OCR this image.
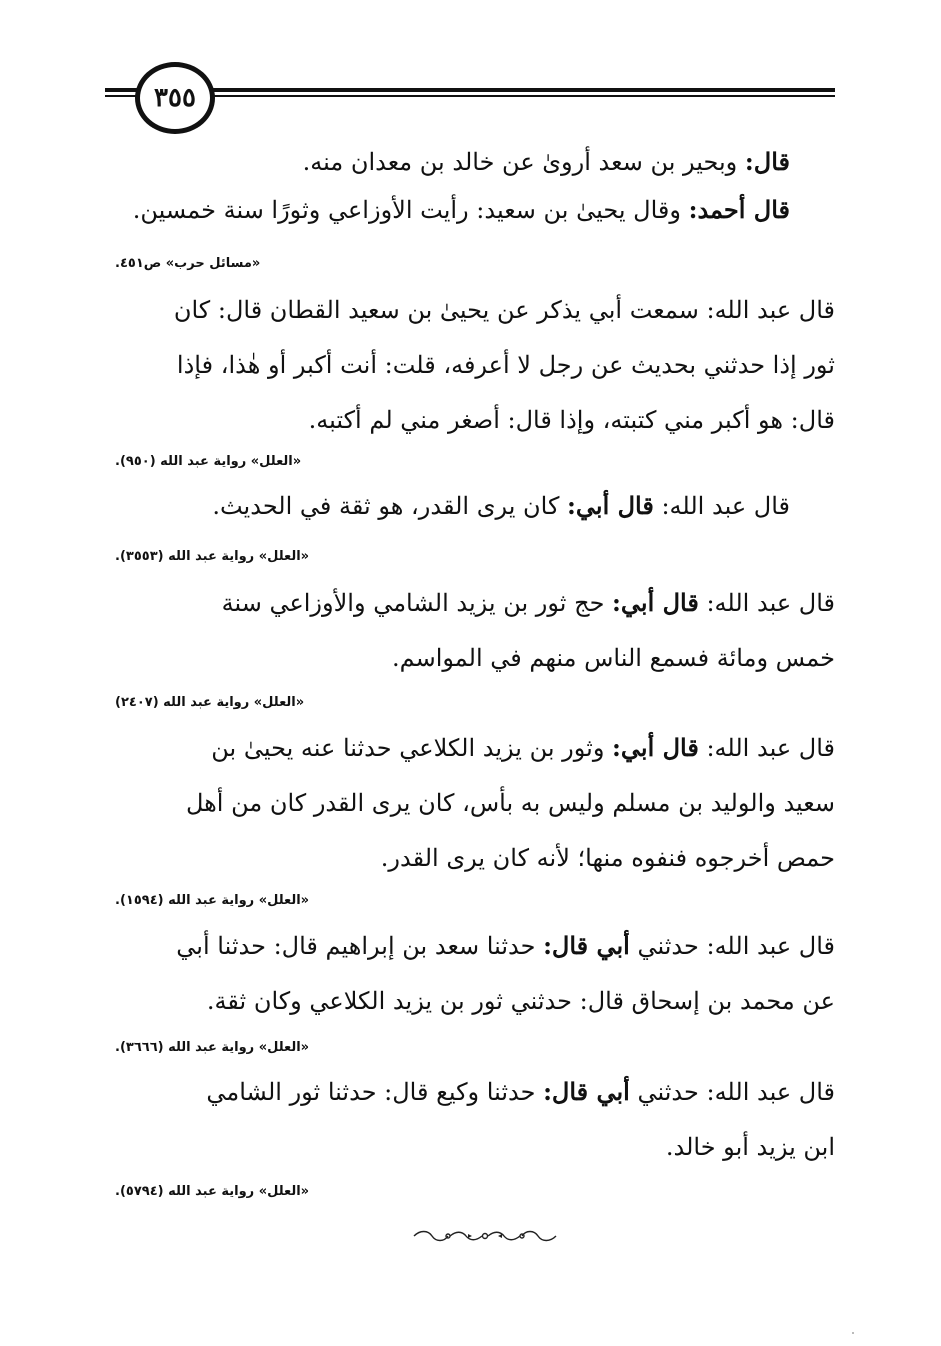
٣٥٥
قال: وبحير بن سعد أروىٰ عن خالد بن معدان منه.
قال أحمد: وقال يحيىٰ بن سعيد: رأيت الأوزاعي وثورًا سنة خمسين.
«مسائل حرب» ص٤٥١.
قال عبد الله: سمعت أبي يذكر عن يحيىٰ بن سعيد القطان قال: كان
ثور إذا حدثني بحديث عن رجل لا أعرفه، قلت: أنت أكبر أو هٰذا، فإذا
قال: هو أكبر مني كتبته، وإذا قال: أصغر مني لم أكتبه.
«العلل» رواية عبد الله (٩٥٠).
قال عبد الله: قال أبي: كان يرى القدر، هو ثقة في الحديث.
«العلل» رواية عبد الله (٣٥٥٣).
قال عبد الله: قال أبي: حج ثور بن يزيد الشامي والأوزاعي سنة
خمس ومائة فسمع الناس منهم في المواسم.
«العلل» رواية عبد الله (٢٤٠٧)
قال عبد الله: قال أبي: وثور بن يزيد الكلاعي حدثنا عنه يحيىٰ بن
سعيد والوليد بن مسلم وليس به بأس، كان يرى القدر كان من أهل
حمص أخرجوه فنفوه منها؛ لأنه كان يرى القدر.
«العلل» رواية عبد الله (١٥٩٤).
قال عبد الله: حدثني أبي قال: حدثنا سعد بن إبراهيم قال: حدثنا أبي
عن محمد بن إسحاق قال: حدثني ثور بن يزيد الكلاعي وكان ثقة.
«العلل» رواية عبد الله (٣٦٦٦).
قال عبد الله: حدثني أبي قال: حدثنا وكيع قال: حدثنا ثور الشامي
ابن يزيد أبو خالد.
«العلل» رواية عبد الله (٥٧٩٤).
